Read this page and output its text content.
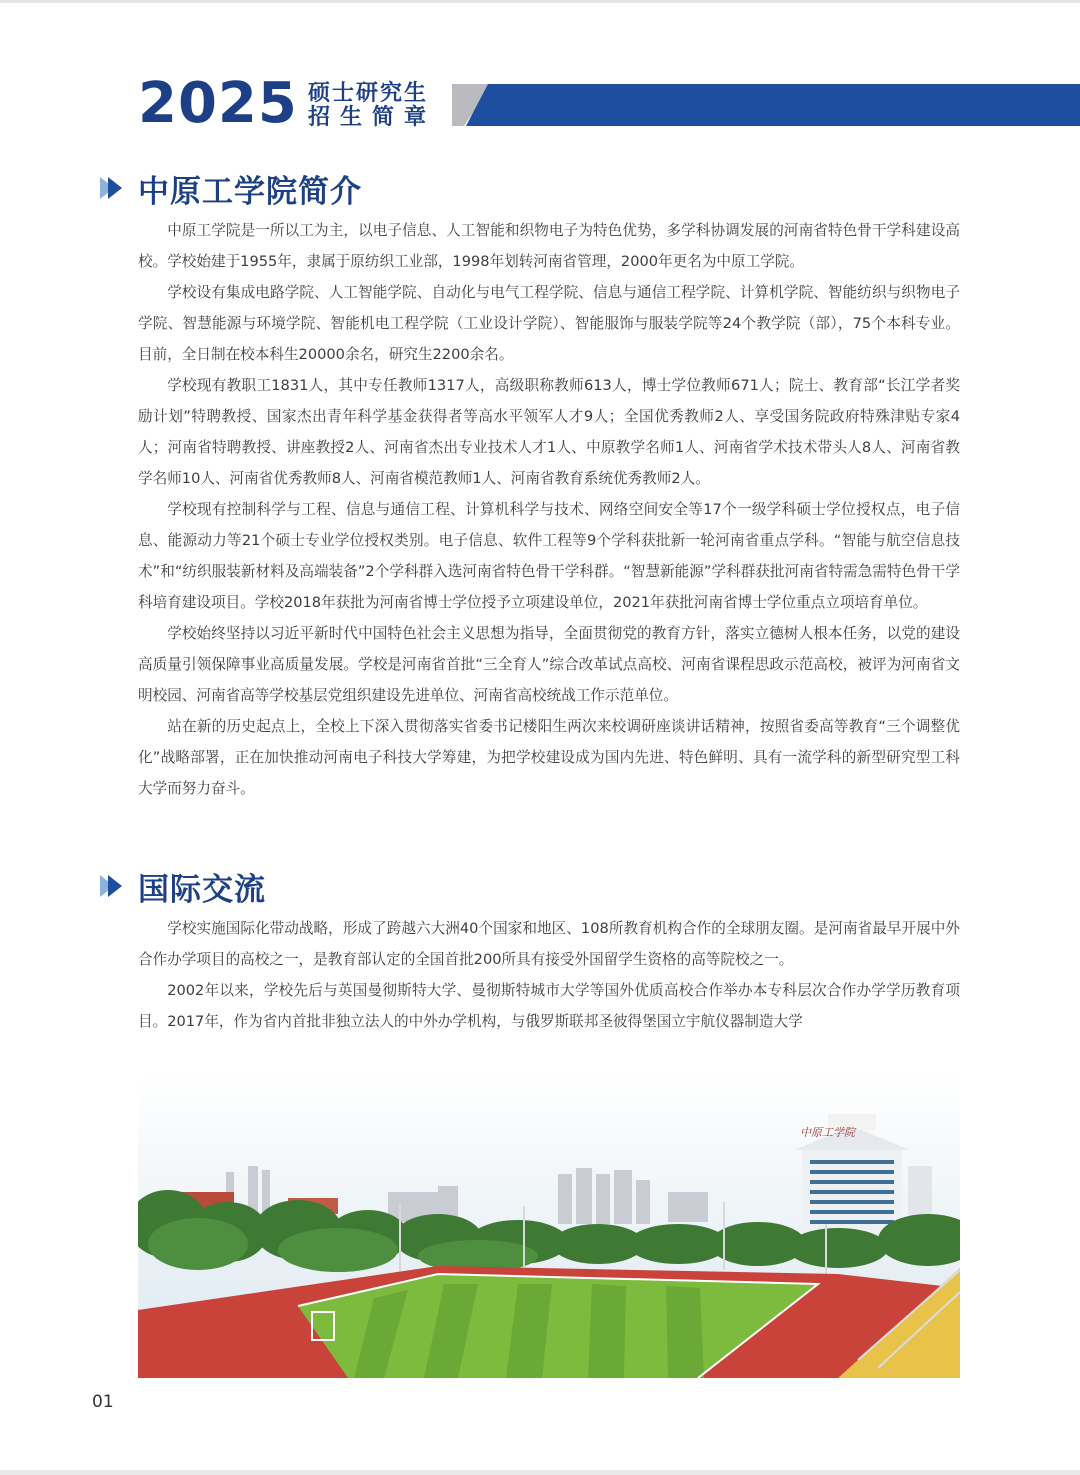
2025 硕士研究生
招生简章
中原工学院简介

中原工学院是一所以工为主，以电子信息、人工智能和织物电子为特色优势，多学科协调发展的河南省特色骨干学科建设高校。学校始建于1955年，隶属于原纺织工业部，1998年划转河南省管理，2000年更名为中原工学院。

学校设有集成电路学院、人工智能学院、自动化与电气工程学院、信息与通信工程学院、计算机学院、智能纺织与织物电子学院、智慧能源与环境学院、智能机电工程学院（工业设计学院）、智能服饰与服装学院等24个教学院（部），75个本科专业。目前，全日制在校本科生20000余名，研究生2200余名。

学校现有教职工1831人，其中专任教师1317人，高级职称教师613人，博士学位教师671人；院士、教育部“长江学者奖励计划”特聘教授、国家杰出青年科学基金获得者等高水平领军人才9人；全国优秀教师2人、享受国务院政府特殊津贴专家4人；河南省特聘教授、讲座教授2人、河南省杰出专业技术人才1人、中原教学名师1人、河南省学术技术带头人8人、河南省教学名师10人、河南省优秀教师8人、河南省模范教师1人、河南省教育系统优秀教师2人。

学校现有控制科学与工程、信息与通信工程、计算机科学与技术、网络空间安全等17个一级学科硕士学位授权点，电子信息、能源动力等21个硕士专业学位授权类别。电子信息、软件工程等9个学科获批新一轮河南省重点学科。“智能与航空信息技术”和“纺织服装新材料及高端装备”2个学科群入选河南省特色骨干学科群。“智慧新能源”学科群获批河南省特需急需特色骨干学科培育建设项目。学校2018年获批为河南省博士学位授予立项建设单位，2021年获批河南省博士学位重点立项培育单位。

学校始终坚持以习近平新时代中国特色社会主义思想为指导，全面贯彻党的教育方针，落实立德树人根本任务，以党的建设高质量引领保障事业高质量发展。学校是河南省首批“三全育人”综合改革试点高校、河南省课程思政示范高校，被评为河南省文明校园、河南省高等学校基层党组织建设先进单位、河南省高校统战工作示范单位。

站在新的历史起点上，全校上下深入贯彻落实省委书记楼阳生两次来校调研座谈讲话精神，按照省委高等教育“三个调整优化”战略部署，正在加快推动河南电子科技大学筹建，为把学校建设成为国内先进、特色鲜明、具有一流学科的新型研究型工科大学而努力奋斗。

国际交流

学校实施国际化带动战略，形成了跨越六大洲40个国家和地区、108所教育机构合作的全球朋友圈。是河南省最早开展中外合作办学项目的高校之一，是教育部认定的全国首批200所具有接受外国留学生资格的高等院校之一。

2002年以来，学校先后与英国曼彻斯特大学、曼彻斯特城市大学等国外优质高校合作举办本专科层次合作办学学历教育项目。2017年，作为省内首批非独立法人的中外办学机构，与俄罗斯联邦圣彼得堡国立宇航仪器制造大学

中原工学院
01
